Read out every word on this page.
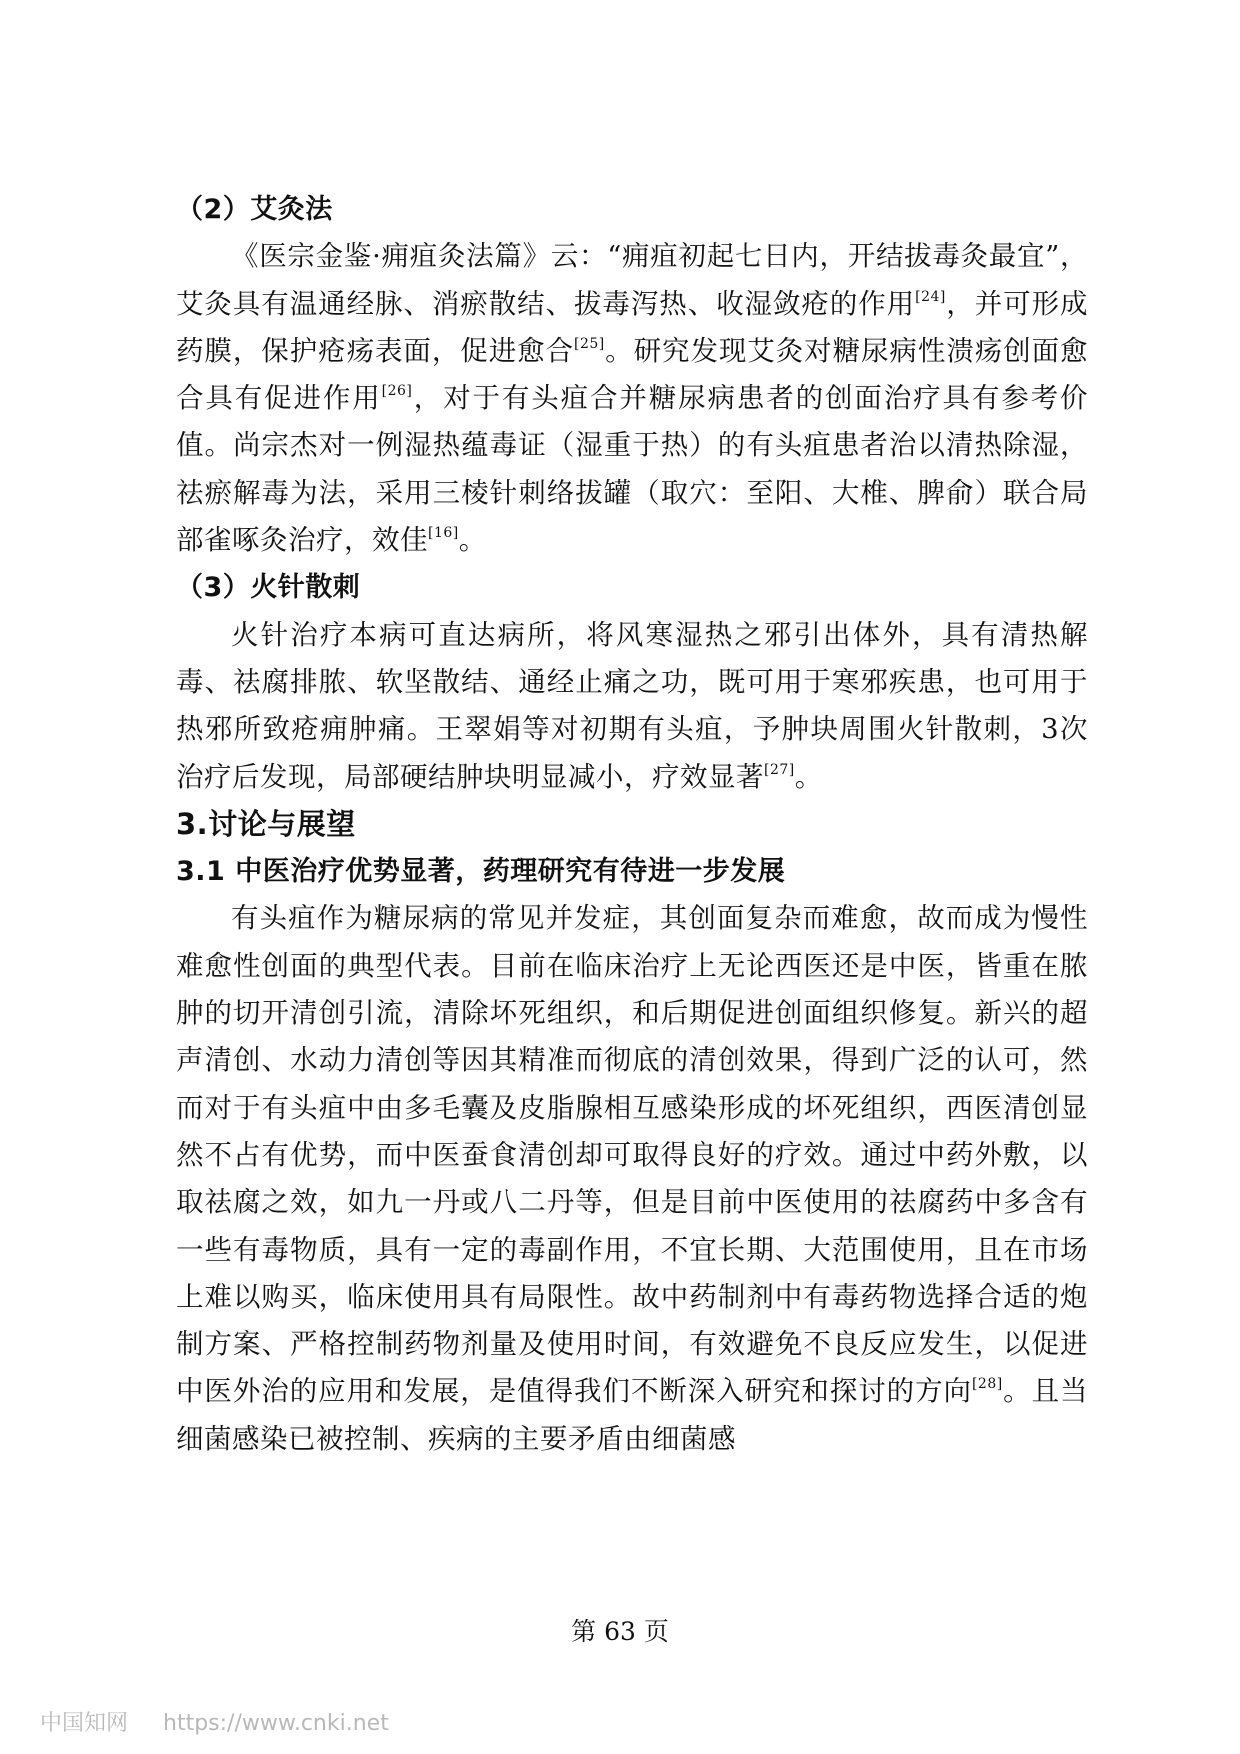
（2）艾灸法

《医宗金鉴·痈疽灸法篇》云：“痈疽初起七日内，开结拔毒灸最宜”，艾灸具有温通经脉、消瘀散结、拔毒泻热、收湿敛疮的作用[24]，并可形成药膜，保护疮疡表面，促进愈合[25]。研究发现艾灸对糖尿病性溃疡创面愈合具有促进作用[26]，对于有头疽合并糖尿病患者的创面治疗具有参考价值。尚宗杰对一例湿热蕴毒证（湿重于热）的有头疽患者治以清热除湿，祛瘀解毒为法，采用三棱针刺络拔罐（取穴：至阳、大椎、脾俞）联合局部雀啄灸治疗，效佳[16]。

（3）火针散刺

火针治疗本病可直达病所，将风寒湿热之邪引出体外，具有清热解毒、祛腐排脓、软坚散结、通经止痛之功，既可用于寒邪疾患，也可用于热邪所致疮痈肿痛。王翠娟等对初期有头疽，予肿块周围火针散刺，3次治疗后发现，局部硬结肿块明显减小，疗效显著[27]。

3.讨论与展望
3.1 中医治疗优势显著，药理研究有待进一步发展

有头疽作为糖尿病的常见并发症，其创面复杂而难愈，故而成为慢性难愈性创面的典型代表。目前在临床治疗上无论西医还是中医，皆重在脓肿的切开清创引流，清除坏死组织，和后期促进创面组织修复。新兴的超声清创、水动力清创等因其精准而彻底的清创效果，得到广泛的认可，然而对于有头疽中由多毛囊及皮脂腺相互感染形成的坏死组织，西医清创显然不占有优势，而中医蚕食清创却可取得良好的疗效。通过中药外敷，以取祛腐之效，如九一丹或八二丹等，但是目前中医使用的祛腐药中多含有一些有毒物质，具有一定的毒副作用，不宜长期、大范围使用，且在市场上难以购买，临床使用具有局限性。故中药制剂中有毒药物选择合适的炮制方案、严格控制药物剂量及使用时间，有效避免不良反应发生，以促进中医外治的应用和发展，是值得我们不断深入研究和探讨的方向[28]。且当细菌感染已被控制、疾病的主要矛盾由细菌感

第 63 页
中国知网 https://www.cnki.net
